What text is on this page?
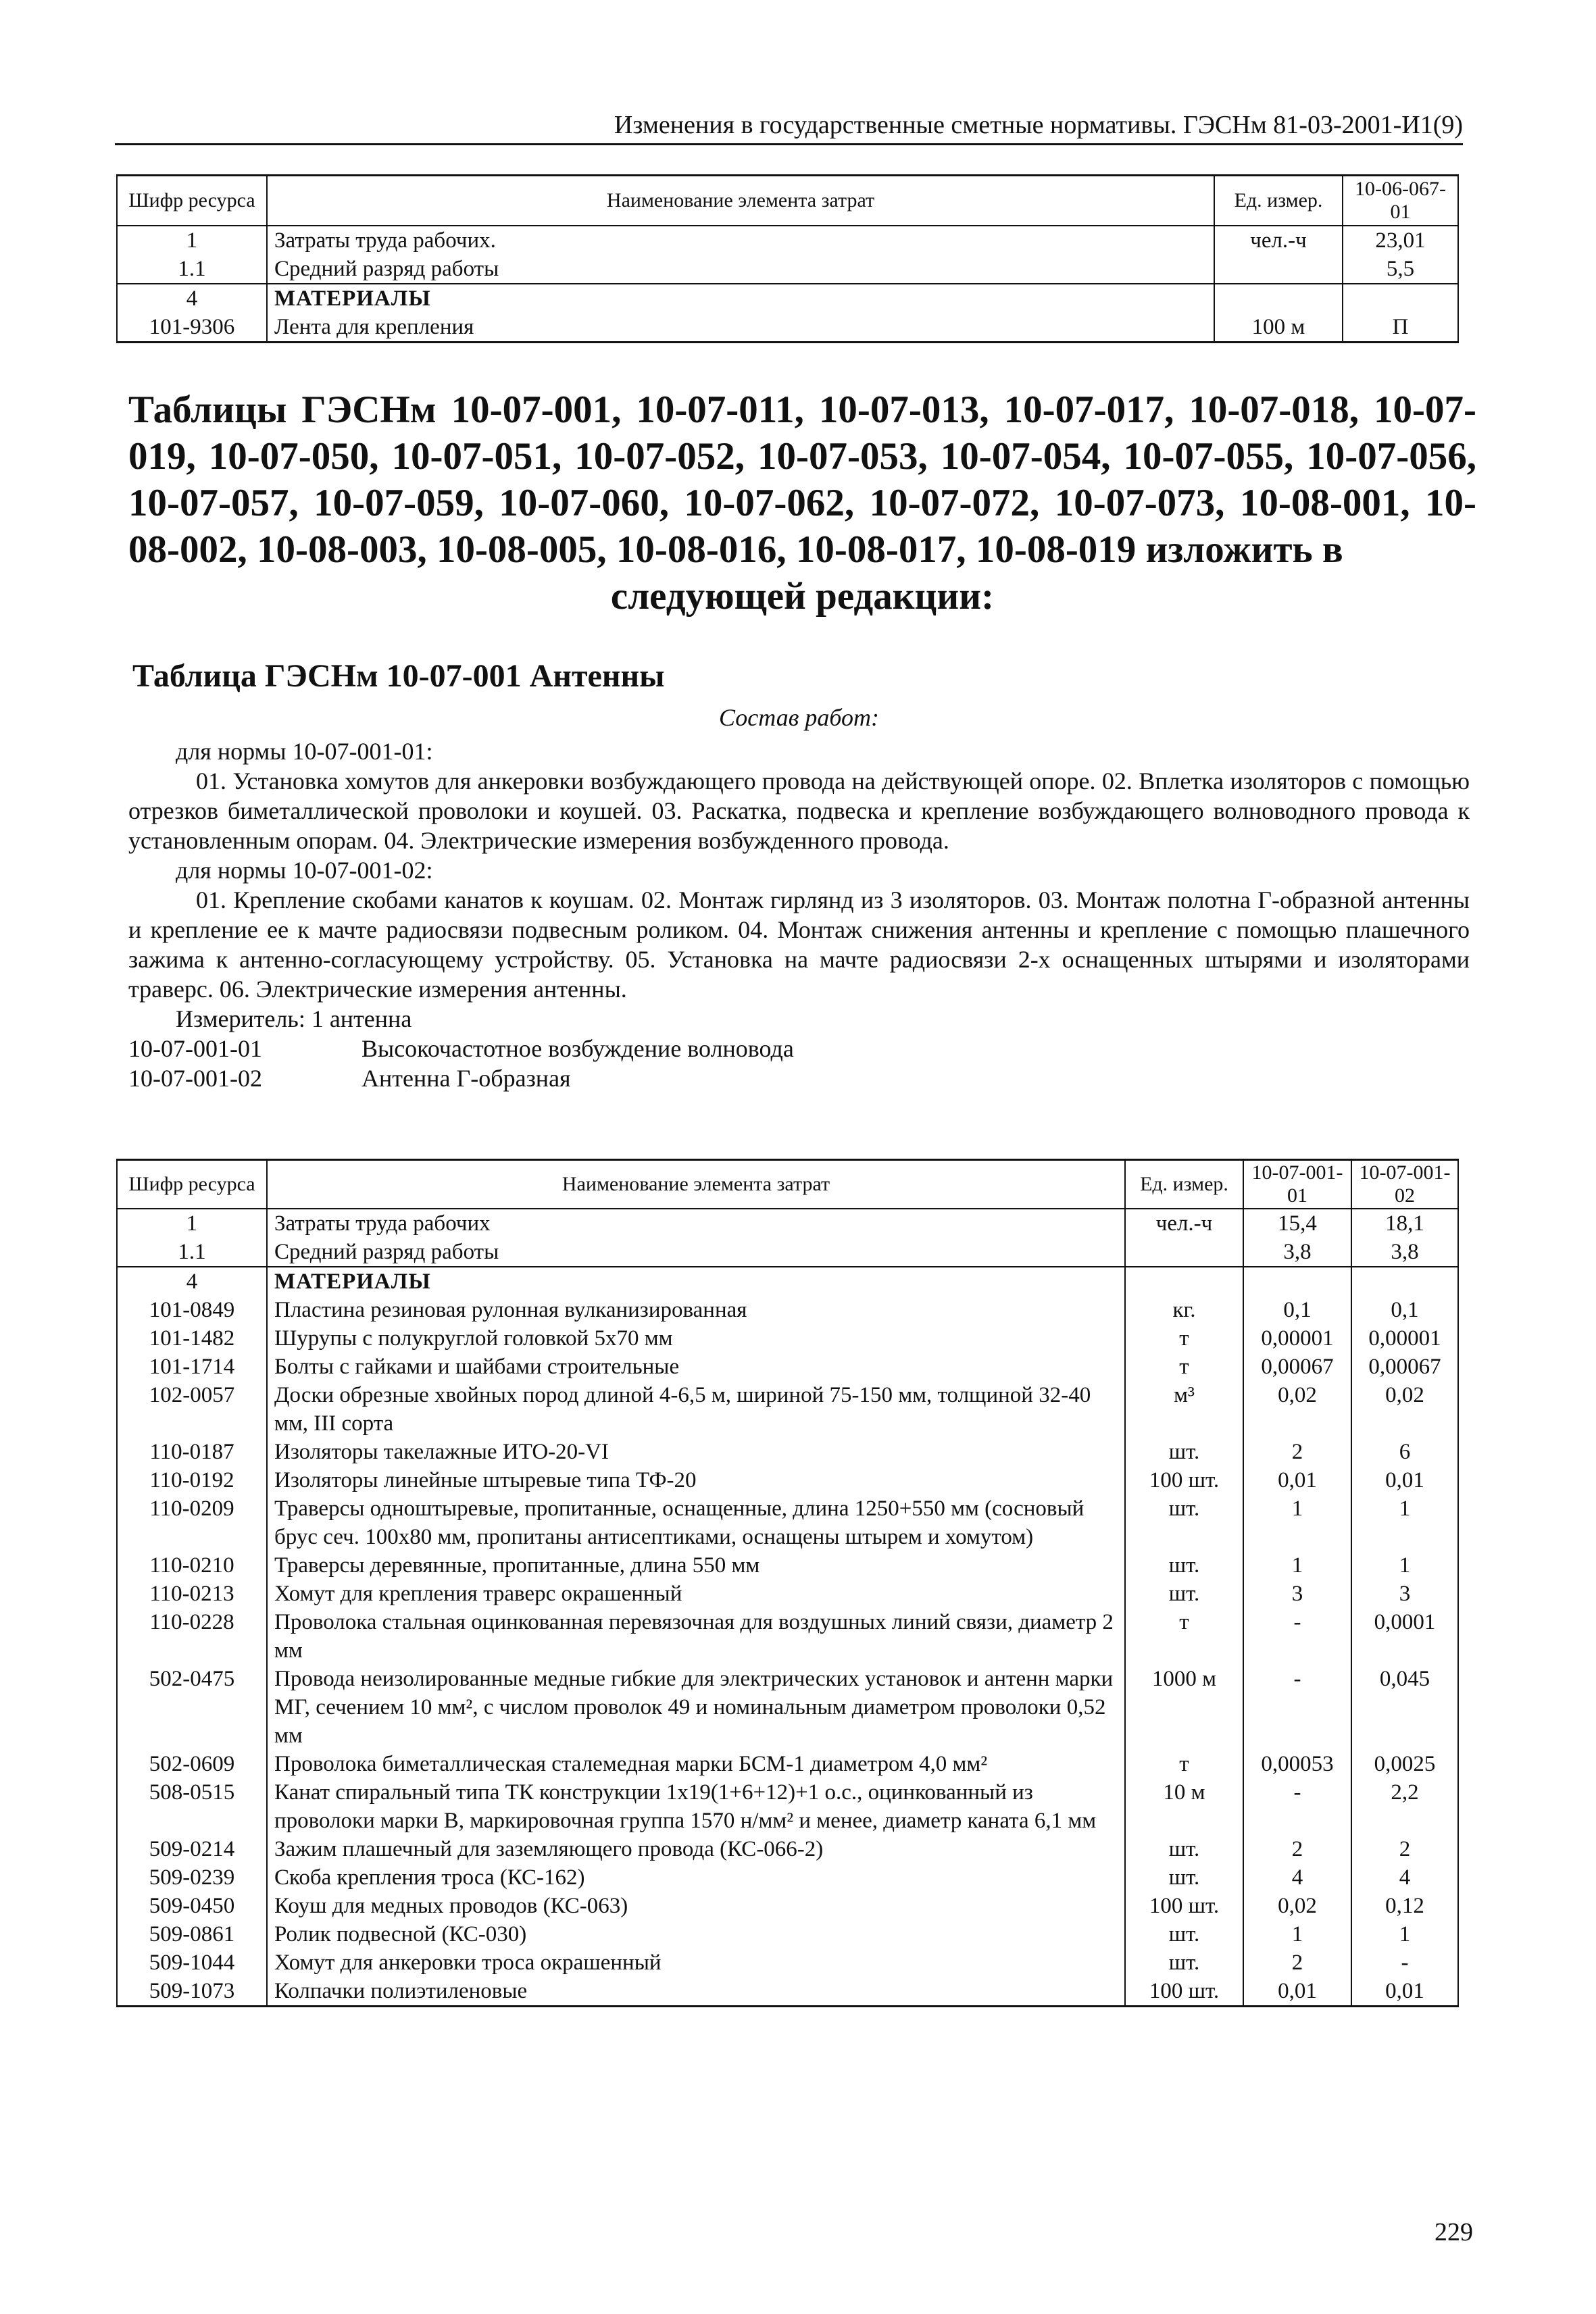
Изменения в государственные сметные нормативы. ГЭСНм 81-03-2001-И1(9)
Шифр ресурса	Наименование элемента затрат	Ед. измер.	10-06-067-01
1	Затраты труда рабочих.	чел.-ч	23,01
1.1	Средний разряд работы		5,5
4	МАТЕРИАЛЫ		
101-9306	Лента для крепления	100 м	П
Таблицы ГЭСНм 10-07-001, 10-07-011, 10-07-013, 10-07-017, 10-07-018, 10-07-019, 10-07-050, 10-07-051, 10-07-052, 10-07-053, 10-07-054, 10-07-055, 10-07-056, 10-07-057, 10-07-059, 10-07-060, 10-07-062, 10-07-072, 10-07-073, 10-08-001, 10-08-002, 10-08-003, 10-08-005, 10-08-016, 10-08-017, 10-08-019 изложить в
следующей редакции:
Таблица ГЭСНм 10-07-001 Антенны

Состав работ:

для нормы 10-07-001-01:

01. Установка хомутов для анкеровки возбуждающего провода на действующей опоре. 02. Вплетка изоляторов с помощью отрезков биметаллической проволоки и коушей. 03. Раскатка, подвеска и крепление возбуждающего волноводного провода к установленным опорам. 04. Электрические измерения возбужденного провода.

для нормы 10-07-001-02:

01. Крепление скобами канатов к коушам. 02. Монтаж гирлянд из 3 изоляторов. 03. Монтаж полотна Г-образной антенны и крепление ее к мачте радиосвязи подвесным роликом. 04. Монтаж снижения антенны и крепление с помощью плашечного зажима к антенно-согласующему устройству. 05. Установка на мачте радиосвязи 2-х оснащенных штырями и изоляторами траверс. 06. Электрические измерения антенны.

Измеритель: 1 антенна

10-07-001-01	Высокочастотное возбуждение волновода

10-07-001-02	Антенна Г-образная

Шифр ресурса	Наименование элемента затрат	Ед. измер.	10-07-001-01	10-07-001-02
1	Затраты труда рабочих	чел.-ч	15,4	18,1
1.1	Средний разряд работы		3,8	3,8
4	МАТЕРИАЛЫ			
101-0849	Пластина резиновая рулонная вулканизированная	кг.	0,1	0,1
101-1482	Шурупы с полукруглой головкой 5х70 мм	т	0,00001	0,00001
101-1714	Болты с гайками и шайбами строительные	т	0,00067	0,00067
102-0057	Доски обрезные хвойных пород длиной 4-6,5 м, шириной 75-150 мм, толщиной 32-40 мм, III сорта	м³	0,02	0,02
110-0187	Изоляторы такелажные ИТО-20-VI	шт.	2	6
110-0192	Изоляторы линейные штыревые типа ТФ-20	100 шт.	0,01	0,01
110-0209	Траверсы одноштыревые, пропитанные, оснащенные, длина 1250+550 мм (сосновый брус сеч. 100х80 мм, пропитаны антисептиками, оснащены штырем и хомутом)	шт.	1	1
110-0210	Траверсы деревянные, пропитанные, длина 550 мм	шт.	1	1
110-0213	Хомут для крепления траверс окрашенный	шт.	3	3
110-0228	Проволока стальная оцинкованная перевязочная для воздушных линий связи, диаметр 2 мм	т	-	0,0001
502-0475	Провода неизолированные медные гибкие для электрических установок и антенн марки МГ, сечением 10 мм², с числом проволок 49 и номинальным диаметром проволоки 0,52 мм	1000 м	-	0,045
502-0609	Проволока биметаллическая сталемедная марки БСМ-1 диаметром 4,0 мм²	т	0,00053	0,0025
508-0515	Канат спиральный типа ТК конструкции 1х19(1+6+12)+1 о.с., оцинкованный из проволоки марки В, маркировочная группа 1570 н/мм² и менее, диаметр каната 6,1 мм	10 м	-	2,2
509-0214	Зажим плашечный для заземляющего провода (КС-066-2)	шт.	2	2
509-0239	Скоба крепления троса (КС-162)	шт.	4	4
509-0450	Коуш для медных проводов (КС-063)	100 шт.	0,02	0,12
509-0861	Ролик подвесной (КС-030)	шт.	1	1
509-1044	Хомут для анкеровки троса окрашенный	шт.	2	-
509-1073	Колпачки полиэтиленовые	100 шт.	0,01	0,01
229
